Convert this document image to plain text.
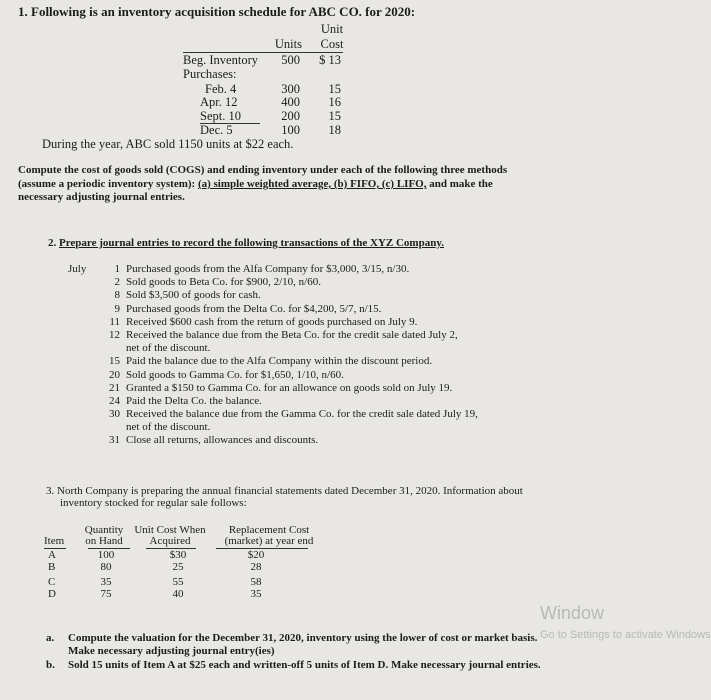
1. Following is an inventory acquisition schedule for ABC CO. for 2020:
Unit
Units	Cost
Beg. Inventory	500	$ 13
Purchases:
Feb. 4	300	15
Apr. 12	400	16
Sept. 10	200	15
Dec. 5	100	18
During the year, ABC sold 1150 units at $22 each.
Compute the cost of goods sold (COGS) and ending inventory under each of the following three methods
(assume a periodic inventory system): (a) simple weighted average, (b) FIFO, (c) LIFO, and make the
necessary adjusting journal entries.
2. Prepare journal entries to record the following transactions of the XYZ Company.
July	1 Purchased goods from the Alfa Company for $3,000, 3/15, n/30.
2 Sold goods to Beta Co. for $900, 2/10, n/60.
8 Sold $3,500 of goods for cash.
9 Purchased goods from the Delta Co. for $4,200, 5/7, n/15.
11 Received $600 cash from the return of goods purchased on July 9.
12 Received the balance due from the Beta Co. for the credit sale dated July 2,
net of the discount.
15 Paid the balance due to the Alfa Company within the discount period.
20 Sold goods to Gamma Co. for $1,650, 1/10, n/60.
21 Granted a $150 to Gamma Co. for an allowance on goods sold on July 19.
24 Paid the Delta Co. the balance.
30 Received the balance due from the Gamma Co. for the credit sale dated July 19,
net of the discount.
31 Close all returns, allowances and discounts.
3. North Company is preparing the annual financial statements dated December 31, 2020. Information about
inventory stocked for regular sale follows:
Quantity
on Hand
Unit Cost When
Acquired
Replacement Cost
(market) at year end
Item
A	100	$30	$20
B	80	25	28
C	35	55	58
D	75	40	35
a. Compute the valuation for the December 31, 2020, inventory using the lower of cost or market basis.
Make necessary adjusting journal entry(ies)
b. Sold 15 units of Item A at $25 each and written-off 5 units of Item D. Make necessary journal entries.
Window
Go to Settings to activate Windows
